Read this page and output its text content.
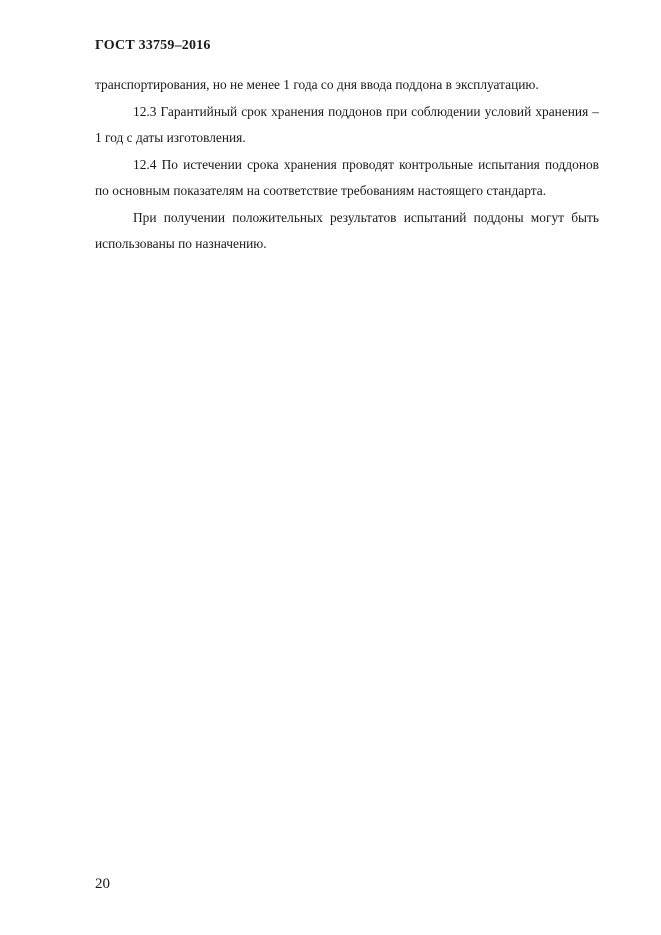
ГОСТ 33759–2016

транспортирования, но не менее 1 года со дня ввода поддона в эксплуатацию.

12.3 Гарантийный срок хранения поддонов при соблюдении условий хранения – 1 год с даты изготовления.

12.4 По истечении срока хранения проводят контрольные испытания поддонов по основным показателям на соответствие требованиям настоящего стандарта.

При получении положительных результатов испытаний поддоны могут быть использованы по назначению.

20
